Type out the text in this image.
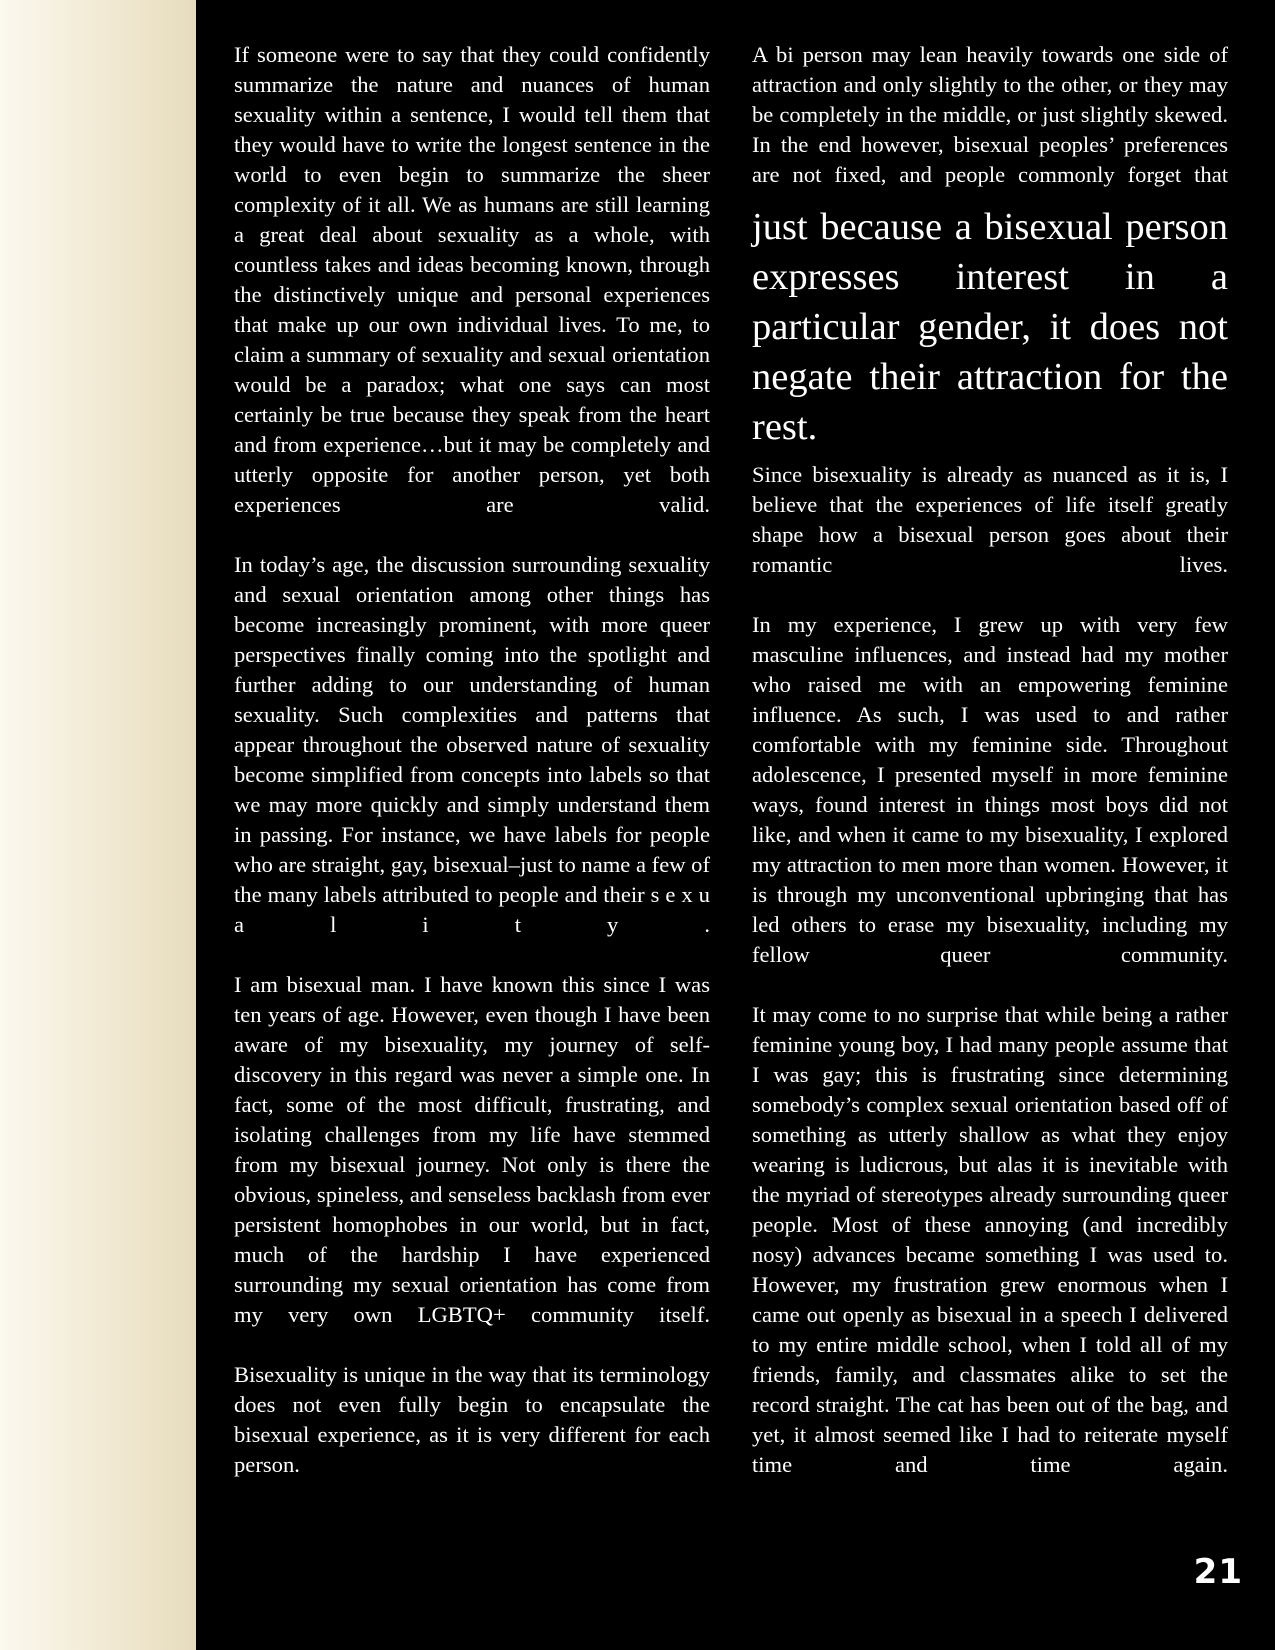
If someone were to say that they could confidently summarize the nature and nuances of human sexuality within a sentence, I would tell them that they would have to write the longest sentence in the world to even begin to summarize the sheer complexity of it all. We as humans are still learning a great deal about sexuality as a whole, with countless takes and ideas becoming known, through the distinctively unique and personal experiences that make up our own individual lives. To me, to claim a summary of sexuality and sexual orientation would be a paradox; what one says can most certainly be true because they speak from the heart and from experience…but it may be completely and utterly opposite for another person, yet both experiences are valid.

In today’s age, the discussion surrounding sexuality and sexual orientation among other things has become increasingly prominent, with more queer perspectives finally coming into the spotlight and further adding to our understanding of human sexuality. Such complexities and patterns that appear throughout the observed nature of sexuality become simplified from concepts into labels so that we may more quickly and simply understand them in passing. For instance, we have labels for people who are straight, gay, bisexual–just to name a few of the many labels attributed to people and their s e x u a l i t y .

I am bisexual man. I have known this since I was ten years of age. However, even though I have been aware of my bisexuality, my journey of self-discovery in this regard was never a simple one. In fact, some of the most difficult, frustrating, and isolating challenges from my life have stemmed from my bisexual journey. Not only is there the obvious, spineless, and senseless backlash from ever persistent homophobes in our world, but in fact, much of the hardship I have experienced surrounding my sexual orientation has come from my very own LGBTQ+ community itself.

Bisexuality is unique in the way that its terminology does not even fully begin to encapsulate the bisexual experience, as it is very different for each person.

A bi person may lean heavily towards one side of attraction and only slightly to the other, or they may be completely in the middle, or just slightly skewed. In the end however, bisexual peoples’ preferences are not fixed, and people commonly forget that

just because a bisexual person expresses interest in a particular gender, it does not negate their attraction for the rest.

Since bisexuality is already as nuanced as it is, I believe that the experiences of life itself greatly shape how a bisexual person goes about their romantic lives.

In my experience, I grew up with very few masculine influences, and instead had my mother who raised me with an empowering feminine influence. As such, I was used to and rather comfortable with my feminine side. Throughout adolescence, I presented myself in more feminine ways, found interest in things most boys did not like, and when it came to my bisexuality, I explored my attraction to men more than women. However, it is through my unconventional upbringing that has led others to erase my bisexuality, including my fellow queer community.

It may come to no surprise that while being a rather feminine young boy, I had many people assume that I was gay; this is frustrating since determining somebody’s complex sexual orientation based off of something as utterly shallow as what they enjoy wearing is ludicrous, but alas it is inevitable with the myriad of stereotypes already surrounding queer people. Most of these annoying (and incredibly nosy) advances became something I was used to. However, my frustration grew enormous when I came out openly as bisexual in a speech I delivered to my entire middle school, when I told all of my friends, family, and classmates alike to set the record straight. The cat has been out of the bag, and yet, it almost seemed like I had to reiterate myself time and time again.

21
